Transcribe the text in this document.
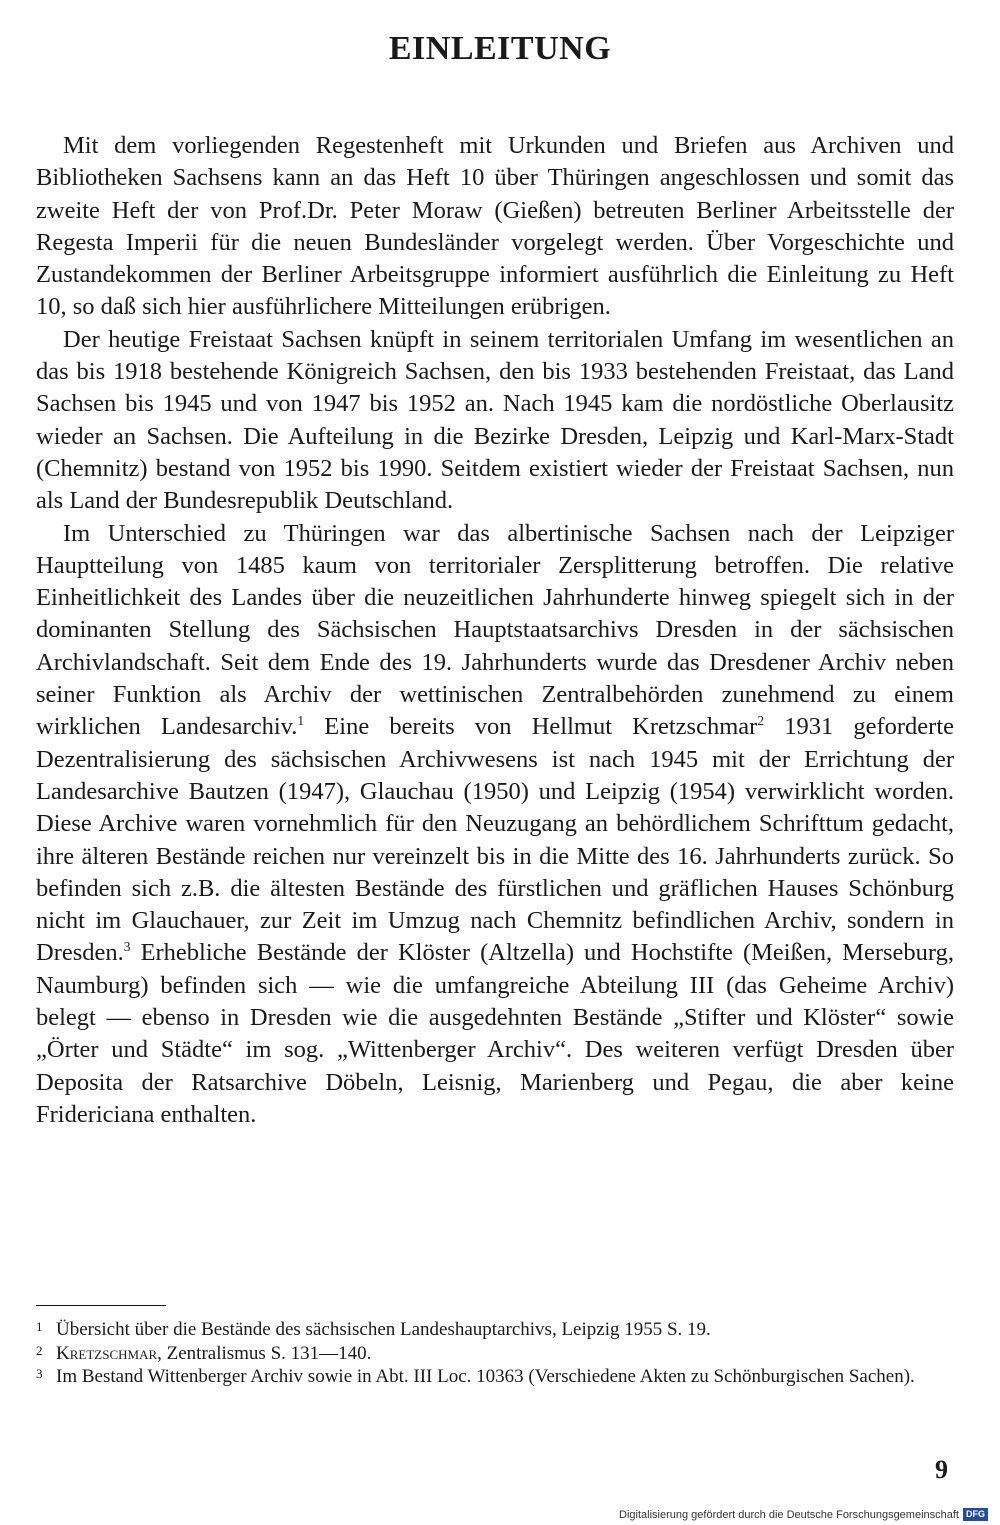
EINLEITUNG

Mit dem vorliegenden Regestenheft mit Urkunden und Briefen aus Archiven und Bibliotheken Sachsens kann an das Heft 10 über Thüringen angeschlossen und somit das zweite Heft der von Prof.Dr. Peter Moraw (Gießen) betreuten Berliner Arbeitsstelle der Regesta Imperii für die neuen Bundesländer vorgelegt werden. Über Vorgeschichte und Zustandekommen der Berliner Arbeitsgruppe informiert ausführlich die Einleitung zu Heft 10, so daß sich hier ausführlichere Mitteilungen erübrigen.

Der heutige Freistaat Sachsen knüpft in seinem territorialen Umfang im wesentlichen an das bis 1918 bestehende Königreich Sachsen, den bis 1933 bestehenden Freistaat, das Land Sachsen bis 1945 und von 1947 bis 1952 an. Nach 1945 kam die nordöstliche Oberlausitz wieder an Sachsen. Die Aufteilung in die Bezirke Dresden, Leipzig und Karl-Marx-Stadt (Chemnitz) bestand von 1952 bis 1990. Seitdem existiert wieder der Freistaat Sachsen, nun als Land der Bundesrepublik Deutschland.

Im Unterschied zu Thüringen war das albertinische Sachsen nach der Leipziger Hauptteilung von 1485 kaum von territorialer Zersplitterung betroffen. Die relative Einheitlichkeit des Landes über die neuzeitlichen Jahrhunderte hinweg spiegelt sich in der dominanten Stellung des Sächsischen Hauptstaatsarchivs Dresden in der sächsischen Archivlandschaft. Seit dem Ende des 19. Jahrhunderts wurde das Dresdener Archiv neben seiner Funktion als Archiv der wettinischen Zentralbehörden zunehmend zu einem wirklichen Landesarchiv.$^1$ Eine bereits von Hellmut Kretzschmar$^2$ 1931 geforderte Dezentralisierung des sächsischen Archivwesens ist nach 1945 mit der Errichtung der Landesarchive Bautzen (1947), Glauchau (1950) und Leipzig (1954) verwirklicht worden. Diese Archive waren vornehmlich für den Neuzugang an behördlichem Schrifttum gedacht, ihre älteren Bestände reichen nur vereinzelt bis in die Mitte des 16. Jahrhunderts zurück. So befinden sich z.B. die ältesten Bestände des fürstlichen und gräflichen Hauses Schönburg nicht im Glauchauer, zur Zeit im Umzug nach Chemnitz befindlichen Archiv, sondern in Dresden.$^3$ Erhebliche Bestände der Klöster (Altzella) und Hochstifte (Meißen, Merseburg, Naumburg) befinden sich — wie die umfangreiche Abteilung III (das Geheime Archiv) belegt — ebenso in Dresden wie die ausgedehnten Bestände „Stifter und Klöster“ sowie „Örter und Städte“ im sog. „Wittenberger Archiv“. Des weiteren verfügt Dresden über Deposita der Ratsarchive Döbeln, Leisnig, Marienberg und Pegau, die aber keine Fridericiana enthalten.

1 Übersicht über die Bestände des sächsischen Landeshauptarchivs, Leipzig 1955 S. 19.
2 Kretzschmar, Zentralismus S. 131—140.
3 Im Bestand Wittenberger Archiv sowie in Abt. III Loc. 10363 (Verschiedene Akten zu Schönburgischen Sachen).
9
Digitalisierung gefördert durch die Deutsche Forschungsgemeinschaft DFG
